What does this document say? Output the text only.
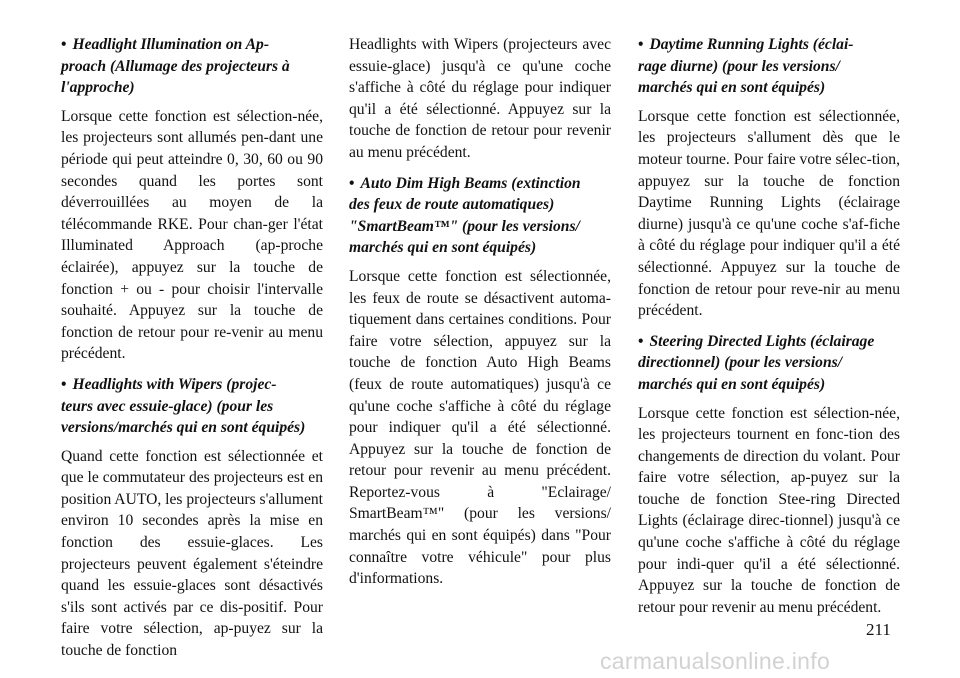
• Headlight Illumination on Ap-
proach (Allumage des projecteurs à
l'approche)
Lorsque cette fonction est sélection-née, les projecteurs sont allumés pen-dant une période qui peut atteindre 0, 30, 60 ou 90 secondes quand les portes sont déverrouillées au moyen de la télécommande RKE. Pour chan-ger l'état Illuminated Approach (ap-proche éclairée), appuyez sur la touche de fonction + ou - pour choisir l'intervalle souhaité. Appuyez sur la touche de fonction de retour pour re-venir au menu précédent.
• Headlights with Wipers (projec-
teurs avec essuie-glace) (pour les
versions/marchés qui en sont équipés)
Quand cette fonction est sélectionnée et que le commutateur des projecteurs est en position AUTO, les projecteurs s'allument environ 10 secondes après la mise en fonction des essuie-glaces. Les projecteurs peuvent également s'éteindre quand les essuie-glaces sont désactivés s'ils sont activés par ce dis-positif. Pour faire votre sélection, ap-puyez sur la touche de fonction
Headlights with Wipers (projecteurs avec essuie-glace) jusqu'à ce qu'une coche s'affiche à côté du réglage pour indiquer qu'il a été sélectionné. Appuyez sur la touche de fonction de retour pour revenir au menu précédent.
• Auto Dim High Beams (extinction
des feux de route automatiques)
"SmartBeam™" (pour les versions/
marchés qui en sont équipés)
Lorsque cette fonction est sélectionnée, les feux de route se désactivent automa-tiquement dans certaines conditions. Pour faire votre sélection, appuyez sur la touche de fonction Auto High Beams (feux de route automatiques) jusqu'à ce qu'une coche s'affiche à côté du réglage pour indiquer qu'il a été sélectionné. Appuyez sur la touche de fonction de retour pour revenir au menu précédent. Reportez-vous à "Eclairage/ SmartBeam™" (pour les versions/ marchés qui en sont équipés) dans "Pour connaître votre véhicule" pour plus d'informations.
• Daytime Running Lights (éclai-
rage diurne) (pour les versions/
marchés qui en sont équipés)
Lorsque cette fonction est sélectionnée, les projecteurs s'allument dès que le moteur tourne. Pour faire votre sélec-tion, appuyez sur la touche de fonction Daytime Running Lights (éclairage diurne) jusqu'à ce qu'une coche s'af-fiche à côté du réglage pour indiquer qu'il a été sélectionné. Appuyez sur la touche de fonction de retour pour reve-nir au menu précédent.
• Steering Directed Lights (éclairage
directionnel) (pour les versions/
marchés qui en sont équipés)
Lorsque cette fonction est sélection-née, les projecteurs tournent en fonc-tion des changements de direction du volant. Pour faire votre sélection, ap-puyez sur la touche de fonction Stee-ring Directed Lights (éclairage direc-tionnel) jusqu'à ce qu'une coche s'affiche à côté du réglage pour indi-quer qu'il a été sélectionné. Appuyez sur la touche de fonction de retour pour revenir au menu précédent.
211
carmanualsonline.info
